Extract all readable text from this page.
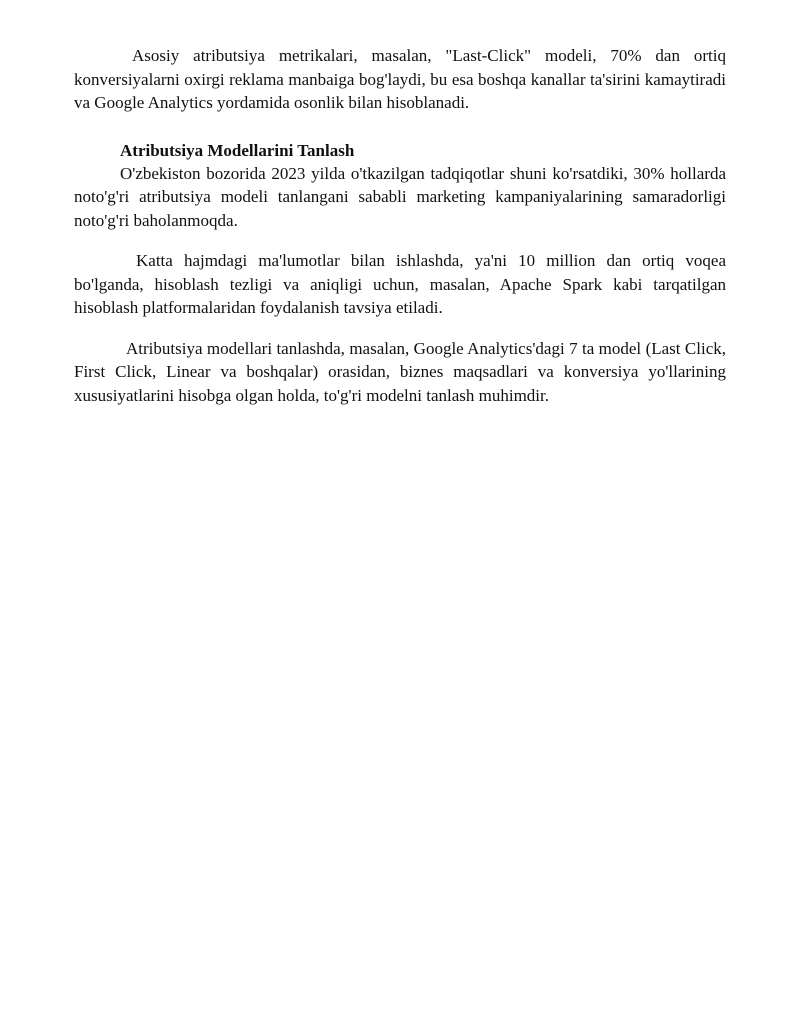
Asosiy atributsiya metrikalari, masalan, "Last-Click" modeli, 70% dan ortiq konversiyalarni oxirgi reklama manbaiga bog'laydi, bu esa boshqa kanallar ta'sirini kamaytiradi va Google Analytics yordamida osonlik bilan hisoblanadi.

Atributsiya Modellarini Tanlash

O'zbekiston bozorida 2023 yilda o'tkazilgan tadqiqotlar shuni ko'rsatdiki, 30% hollarda noto'g'ri atributsiya modeli tanlangani sababli marketing kampaniyalarining samaradorligi noto'g'ri baholanmoqda.

Katta hajmdagi ma'lumotlar bilan ishlashda, ya'ni 10 million dan ortiq voqea bo'lganda, hisoblash tezligi va aniqligi uchun, masalan, Apache Spark kabi tarqatilgan hisoblash platformalaridan foydalanish tavsiya etiladi.

Atributsiya modellari tanlashda, masalan, Google Analytics'dagi 7 ta model (Last Click, First Click, Linear va boshqalar) orasidan, biznes maqsadlari va konversiya yo'llarining xususiyatlarini hisobga olgan holda, to'g'ri modelni tanlash muhimdir.
